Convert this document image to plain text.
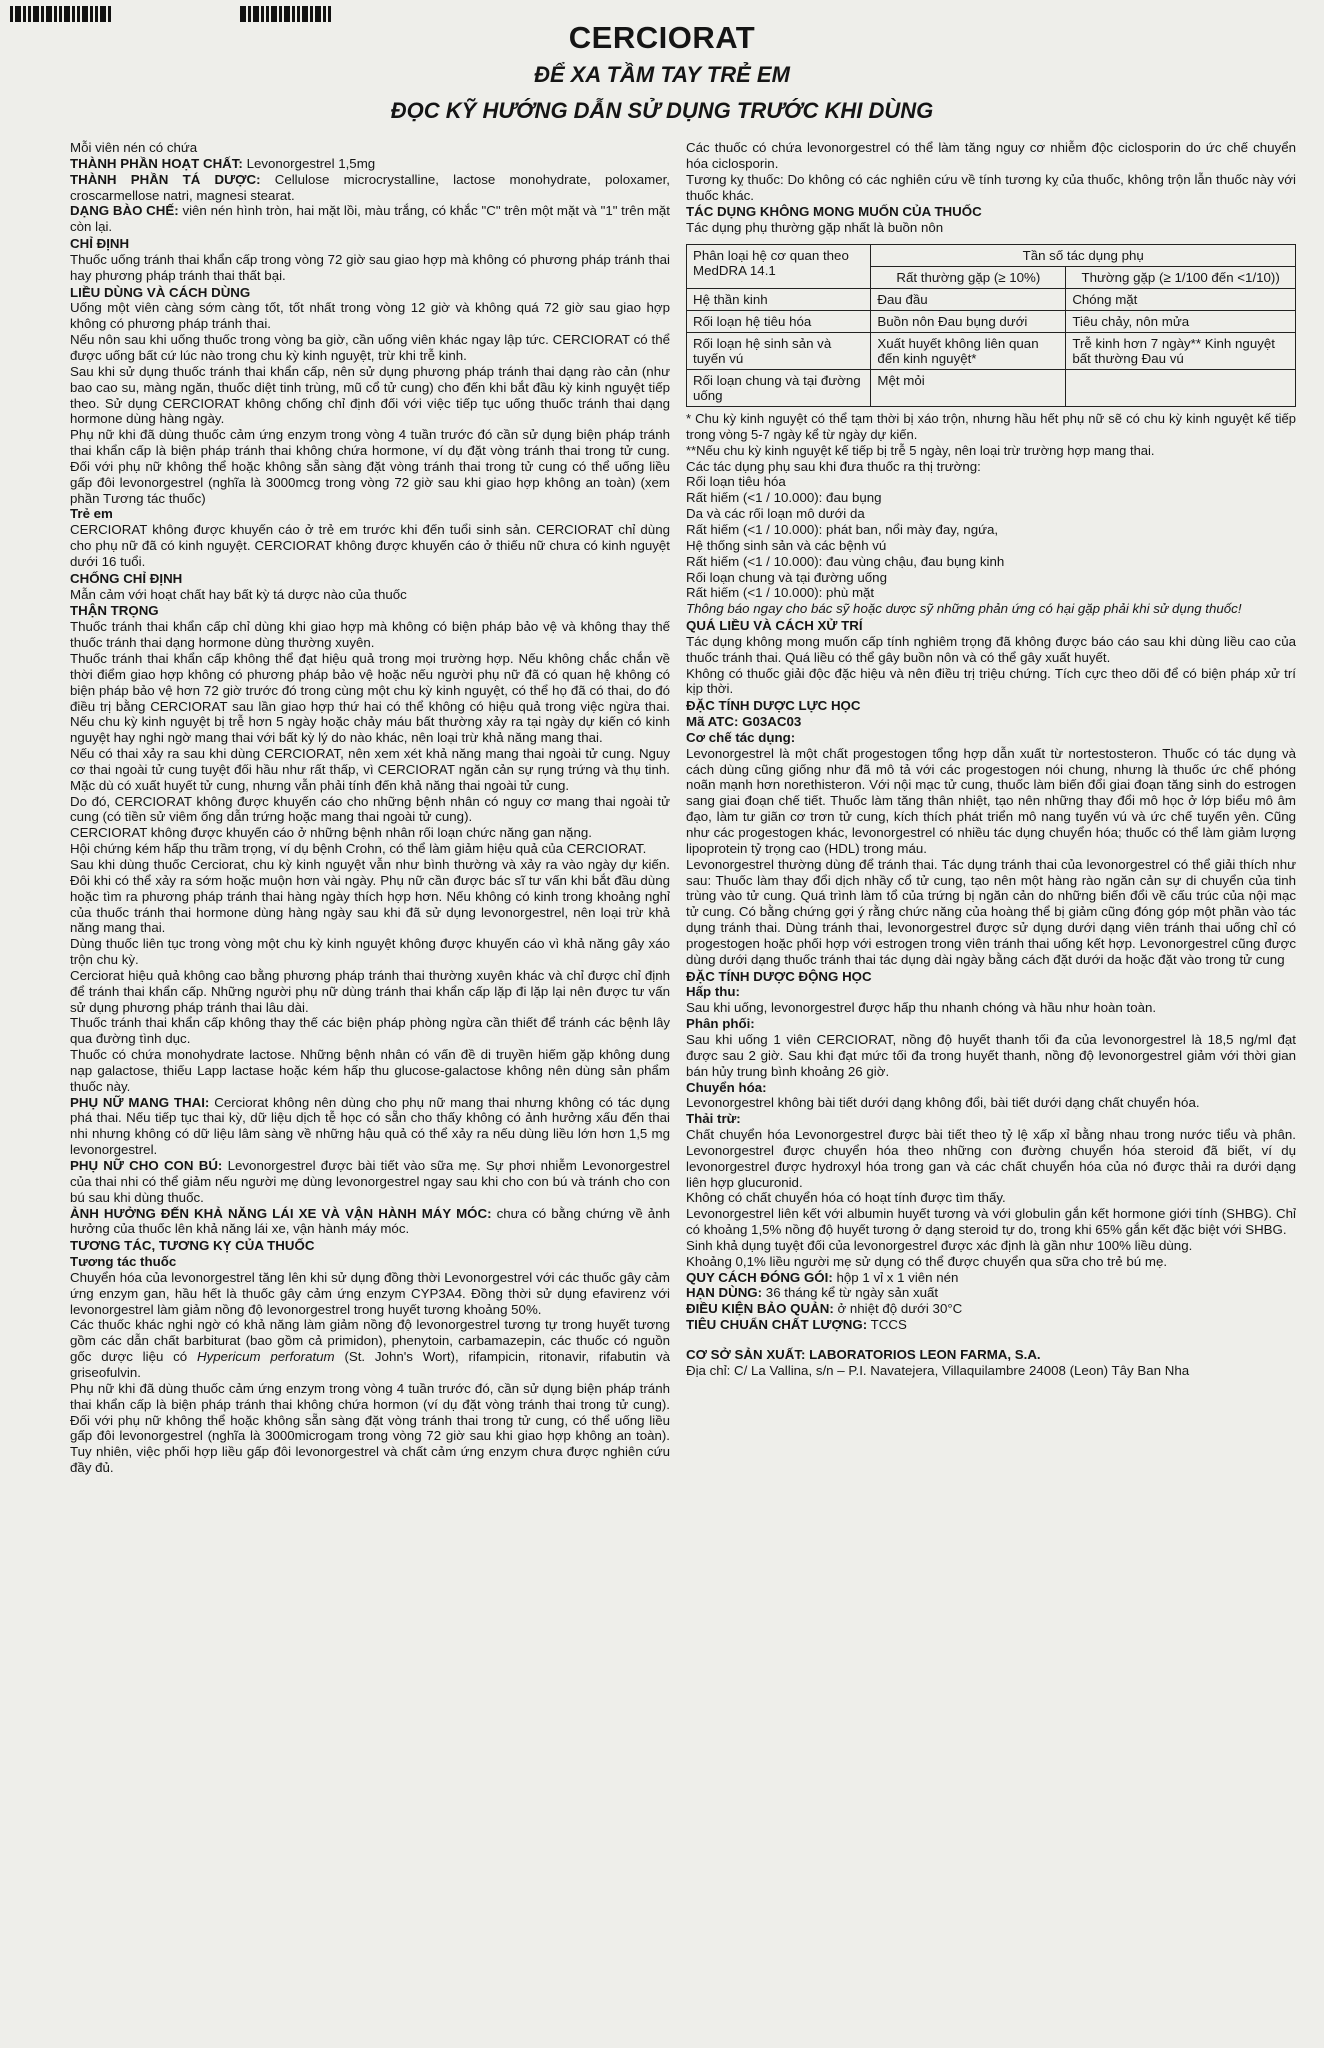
CERCIORAT

ĐỂ XA TẦM TAY TRẺ EM

ĐỌC KỸ HƯỚNG DẪN SỬ DỤNG TRƯỚC KHI DÙNG

Mỗi viên nén có chứa

THÀNH PHẦN HOẠT CHẤT: Levonorgestrel 1,5mg

THÀNH PHẦN TÁ DƯỢC: Cellulose microcrystalline, lactose monohydrate, poloxamer, croscarmellose natri, magnesi stearat.

DẠNG BÀO CHẾ: viên nén hình tròn, hai mặt lồi, màu trắng, có khắc "C" trên một mặt và "1" trên mặt còn lại.

CHỈ ĐỊNH

Thuốc uống tránh thai khẩn cấp trong vòng 72 giờ sau giao hợp mà không có phương pháp tránh thai hay phương pháp tránh thai thất bại.

LIỀU DÙNG VÀ CÁCH DÙNG

Uống một viên càng sớm càng tốt, tốt nhất trong vòng 12 giờ và không quá 72 giờ sau giao hợp không có phương pháp tránh thai.

Nếu nôn sau khi uống thuốc trong vòng ba giờ, cần uống viên khác ngay lập tức. CERCIORAT có thể được uống bất cứ lúc nào trong chu kỳ kinh nguyệt, trừ khi trễ kinh.

Sau khi sử dụng thuốc tránh thai khẩn cấp, nên sử dụng phương pháp tránh thai dạng rào cản (như bao cao su, màng ngăn, thuốc diệt tinh trùng, mũ cổ tử cung) cho đến khi bắt đầu kỳ kinh nguyệt tiếp theo. Sử dụng CERCIORAT không chống chỉ định đối với việc tiếp tục uống thuốc tránh thai dạng hormone dùng hàng ngày.

Phụ nữ khi đã dùng thuốc cảm ứng enzym trong vòng 4 tuần trước đó cần sử dụng biện pháp tránh thai khẩn cấp là biện pháp tránh thai không chứa hormone, ví dụ đặt vòng tránh thai trong tử cung. Đối với phụ nữ không thể hoặc không sẵn sàng đặt vòng tránh thai trong tử cung có thể uống liều gấp đôi levonorgestrel (nghĩa là 3000mcg trong vòng 72 giờ sau khi giao hợp không an toàn) (xem phần Tương tác thuốc)

Trẻ em

CERCIORAT không được khuyến cáo ở trẻ em trước khi đến tuổi sinh sản. CERCIORAT chỉ dùng cho phụ nữ đã có kinh nguyệt. CERCIORAT không được khuyến cáo ở thiếu nữ chưa có kinh nguyệt dưới 16 tuổi.

CHỐNG CHỈ ĐỊNH

Mẫn cảm với hoạt chất hay bất kỳ tá dược nào của thuốc

THẬN TRỌNG

Thuốc tránh thai khẩn cấp chỉ dùng khi giao hợp mà không có biện pháp bảo vệ và không thay thế thuốc tránh thai dạng hormone dùng thường xuyên.

Thuốc tránh thai khẩn cấp không thể đạt hiệu quả trong mọi trường hợp. Nếu không chắc chắn về thời điểm giao hợp không có phương pháp bảo vệ hoặc nếu người phụ nữ đã có quan hệ không có biện pháp bảo vệ hơn 72 giờ trước đó trong cùng một chu kỳ kinh nguyệt, có thể họ đã có thai, do đó điều trị bằng CERCIORAT sau lần giao hợp thứ hai có thể không có hiệu quả trong việc ngừa thai. Nếu chu kỳ kinh nguyệt bị trễ hơn 5 ngày hoặc chảy máu bất thường xảy ra tại ngày dự kiến có kinh nguyệt hay nghi ngờ mang thai với bất kỳ lý do nào khác, nên loại trừ khả năng mang thai.

Nếu có thai xảy ra sau khi dùng CERCIORAT, nên xem xét khả năng mang thai ngoài tử cung. Nguy cơ thai ngoài tử cung tuyệt đối hầu như rất thấp, vì CERCIORAT ngăn cản sự rụng trứng và thụ tinh. Mặc dù có xuất huyết tử cung, nhưng vẫn phải tính đến khả năng thai ngoài tử cung.

Do đó, CERCIORAT không được khuyến cáo cho những bệnh nhân có nguy cơ mang thai ngoài tử cung (có tiền sử viêm ống dẫn trứng hoặc mang thai ngoài tử cung).

CERCIORAT không được khuyến cáo ở những bệnh nhân rối loạn chức năng gan nặng.

Hội chứng kém hấp thu trầm trọng, ví dụ bệnh Crohn, có thể làm giảm hiệu quả của CERCIORAT.

Sau khi dùng thuốc Cerciorat, chu kỳ kinh nguyệt vẫn như bình thường và xảy ra vào ngày dự kiến. Đôi khi có thể xảy ra sớm hoặc muộn hơn vài ngày. Phụ nữ cần được bác sĩ tư vấn khi bắt đầu dùng hoặc tìm ra phương pháp tránh thai hàng ngày thích hợp hơn. Nếu không có kinh trong khoảng nghỉ của thuốc tránh thai hormone dùng hàng ngày sau khi đã sử dụng levonorgestrel, nên loại trừ khả năng mang thai.

Dùng thuốc liên tục trong vòng một chu kỳ kinh nguyệt không được khuyến cáo vì khả năng gây xáo trộn chu kỳ.

Cerciorat hiệu quả không cao bằng phương pháp tránh thai thường xuyên khác và chỉ được chỉ định để tránh thai khẩn cấp. Những người phụ nữ dùng tránh thai khẩn cấp lặp đi lặp lại nên được tư vấn sử dụng phương pháp tránh thai lâu dài.

Thuốc tránh thai khẩn cấp không thay thế các biện pháp phòng ngừa cần thiết để tránh các bệnh lây qua đường tình dục.

Thuốc có chứa monohydrate lactose. Những bệnh nhân có vấn đề di truyền hiếm gặp không dung nạp galactose, thiếu Lapp lactase hoặc kém hấp thu glucose-galactose không nên dùng sản phẩm thuốc này.

PHỤ NỮ MANG THAI: Cerciorat không nên dùng cho phụ nữ mang thai nhưng không có tác dụng phá thai. Nếu tiếp tục thai kỳ, dữ liệu dịch tễ học có sẵn cho thấy không có ảnh hưởng xấu đến thai nhi nhưng không có dữ liệu lâm sàng về những hậu quả có thể xảy ra nếu dùng liều lớn hơn 1,5 mg levonorgestrel.

PHỤ NỮ CHO CON BÚ: Levonorgestrel được bài tiết vào sữa mẹ. Sự phơi nhiễm Levonorgestrel của thai nhi có thể giảm nếu người mẹ dùng levonorgestrel ngay sau khi cho con bú và tránh cho con bú sau khi dùng thuốc.

ẢNH HƯỞNG ĐẾN KHẢ NĂNG LÁI XE VÀ VẬN HÀNH MÁY MÓC: chưa có bằng chứng về ảnh hưởng của thuốc lên khả năng lái xe, vận hành máy móc.

TƯƠNG TÁC, TƯƠNG KỴ CỦA THUỐC

Tương tác thuốc

Chuyển hóa của levonorgestrel tăng lên khi sử dụng đồng thời Levonorgestrel với các thuốc gây cảm ứng enzym gan, hầu hết là thuốc gây cảm ứng enzym CYP3A4. Đồng thời sử dụng efavirenz với levonorgestrel làm giảm nồng độ levonorgestrel trong huyết tương khoảng 50%.

Các thuốc khác nghi ngờ có khả năng làm giảm nồng độ levonorgestrel tương tự trong huyết tương gồm các dẫn chất barbiturat (bao gồm cả primidon), phenytoin, carbamazepin, các thuốc có nguồn gốc dược liệu có Hypericum perforatum (St. John's Wort), rifampicin, ritonavir, rifabutin và griseofulvin.

Phụ nữ khi đã dùng thuốc cảm ứng enzym trong vòng 4 tuần trước đó, cần sử dụng biện pháp tránh thai khẩn cấp là biện pháp tránh thai không chứa hormon (ví dụ đặt vòng tránh thai trong tử cung). Đối với phụ nữ không thể hoặc không sẵn sàng đặt vòng tránh thai trong tử cung, có thể uống liều gấp đôi levonorgestrel (nghĩa là 3000microgam trong vòng 72 giờ sau khi giao hợp không an toàn). Tuy nhiên, việc phối hợp liều gấp đôi levonorgestrel và chất cảm ứng enzym chưa được nghiên cứu đầy đủ.

Các thuốc có chứa levonorgestrel có thể làm tăng nguy cơ nhiễm độc ciclosporin do ức chế chuyển hóa ciclosporin.

Tương kỵ thuốc: Do không có các nghiên cứu về tính tương kỵ của thuốc, không trộn lẫn thuốc này với thuốc khác.

TÁC DỤNG KHÔNG MONG MUỐN CỦA THUỐC

Tác dụng phụ thường gặp nhất là buồn nôn

Phân loại hệ cơ quan theo MedDRA 14.1	Tần số tác dụng phụ	
	Rất thường gặp (≥ 10%)	Thường gặp (≥ 1/100 đến <1/10))
Hệ thần kinh	Đau đầu	Chóng mặt
Rối loạn hệ tiêu hóa	Buồn nôn Đau bụng dưới	Tiêu chảy, nôn mửa
Rối loạn hệ sinh sản và tuyến vú	Xuất huyết không liên quan đến kinh nguyệt*	Trễ kinh hơn 7 ngày** Kinh nguyệt bất thường Đau vú
Rối loạn chung và tại đường uống	Mệt mỏi	

* Chu kỳ kinh nguyệt có thể tạm thời bị xáo trộn, nhưng hầu hết phụ nữ sẽ có chu kỳ kinh nguyệt kế tiếp trong vòng 5-7 ngày kể từ ngày dự kiến.

**Nếu chu kỳ kinh nguyệt kế tiếp bị trễ 5 ngày, nên loại trừ trường hợp mang thai.

Các tác dụng phụ sau khi đưa thuốc ra thị trường:

Rối loạn tiêu hóa

Rất hiếm (<1 / 10.000): đau bụng

Da và các rối loạn mô dưới da

Rất hiếm (<1 / 10.000): phát ban, nổi mày đay, ngứa,

Hệ thống sinh sản và các bệnh vú

Rất hiếm (<1 / 10.000): đau vùng chậu, đau bụng kinh

Rối loạn chung và tại đường uống

Rất hiếm (<1 / 10.000): phù mặt

Thông báo ngay cho bác sỹ hoặc dược sỹ những phản ứng có hại gặp phải khi sử dụng thuốc!

QUÁ LIỀU VÀ CÁCH XỬ TRÍ

Tác dụng không mong muốn cấp tính nghiêm trọng đã không được báo cáo sau khi dùng liều cao của thuốc tránh thai. Quá liều có thể gây buồn nôn và có thể gây xuất huyết.

Không có thuốc giải độc đặc hiệu và nên điều trị triệu chứng. Tích cực theo dõi để có biện pháp xử trí kịp thời.

ĐẶC TÍNH DƯỢC LỰC HỌC

Mã ATC: G03AC03

Cơ chế tác dụng:

Levonorgestrel là một chất progestogen tổng hợp dẫn xuất từ nortestosteron. Thuốc có tác dụng và cách dùng cũng giống như đã mô tả với các progestogen nói chung, nhưng là thuốc ức chế phóng noãn mạnh hơn norethisteron. Với nội mạc tử cung, thuốc làm biến đổi giai đoạn tăng sinh do estrogen sang giai đoạn chế tiết. Thuốc làm tăng thân nhiệt, tạo nên những thay đổi mô học ở lớp biểu mô âm đạo, làm tư giãn cơ trơn tử cung, kích thích phát triển mô nang tuyến vú và ức chế tuyến yên. Cũng như các progestogen khác, levonorgestrel có nhiều tác dụng chuyển hóa; thuốc có thể làm giảm lượng lipoprotein tỷ trọng cao (HDL) trong máu.

Levonorgestrel thường dùng để tránh thai. Tác dụng tránh thai của levonorgestrel có thể giải thích như sau: Thuốc làm thay đổi dịch nhầy cổ tử cung, tạo nên một hàng rào ngăn cản sự di chuyển của tinh trùng vào tử cung. Quá trình làm tổ của trứng bị ngăn cản do những biến đổi về cấu trúc của nội mạc tử cung. Có bằng chứng gợi ý rằng chức năng của hoàng thể bị giảm cũng đóng góp một phần vào tác dụng tránh thai. Dùng tránh thai, levonorgestrel được sử dụng dưới dạng viên tránh thai uống chỉ có progestogen hoặc phối hợp với estrogen trong viên tránh thai uống kết hợp. Levonorgestrel cũng được dùng dưới dạng thuốc tránh thai tác dụng dài ngày bằng cách đặt dưới da hoặc đặt vào trong tử cung

ĐẶC TÍNH DƯỢC ĐỘNG HỌC

Hấp thu:

Sau khi uống, levonorgestrel được hấp thu nhanh chóng và hầu như hoàn toàn.

Phân phối:

Sau khi uống 1 viên CERCIORAT, nồng độ huyết thanh tối đa của levonorgestrel là 18,5 ng/ml đạt được sau 2 giờ. Sau khi đạt mức tối đa trong huyết thanh, nồng độ levonorgestrel giảm với thời gian bán hủy trung bình khoảng 26 giờ.

Chuyển hóa:

Levonorgestrel không bài tiết dưới dạng không đổi, bài tiết dưới dạng chất chuyển hóa.

Thải trừ:

Chất chuyển hóa Levonorgestrel được bài tiết theo tỷ lệ xấp xỉ bằng nhau trong nước tiểu và phân. Levonorgestrel được chuyển hóa theo những con đường chuyển hóa steroid đã biết, ví dụ levonorgestrel được hydroxyl hóa trong gan và các chất chuyển hóa của nó được thải ra dưới dạng liên hợp glucuronid.

Không có chất chuyển hóa có hoạt tính được tìm thấy.

Levonorgestrel liên kết với albumin huyết tương và với globulin gắn kết hormone giới tính (SHBG). Chỉ có khoảng 1,5% nồng độ huyết tương ở dạng steroid tự do, trong khi 65% gắn kết đặc biệt với SHBG.

Sinh khả dụng tuyệt đối của levonorgestrel được xác định là gần như 100% liều dùng.

Khoảng 0,1% liều người mẹ sử dụng có thể được chuyển qua sữa cho trẻ bú mẹ.

QUY CÁCH ĐÓNG GÓI: hộp 1 vỉ x 1 viên nén

HẠN DÙNG: 36 tháng kể từ ngày sản xuất

ĐIỀU KIỆN BẢO QUẢN: ở nhiệt độ dưới 30°C

TIÊU CHUẨN CHẤT LƯỢNG: TCCS

CƠ SỞ SẢN XUẤT: LABORATORIOS LEON FARMA, S.A.

Địa chỉ: C/ La Vallina, s/n – P.I. Navatejera, Villaquilambre 24008 (Leon) Tây Ban Nha
